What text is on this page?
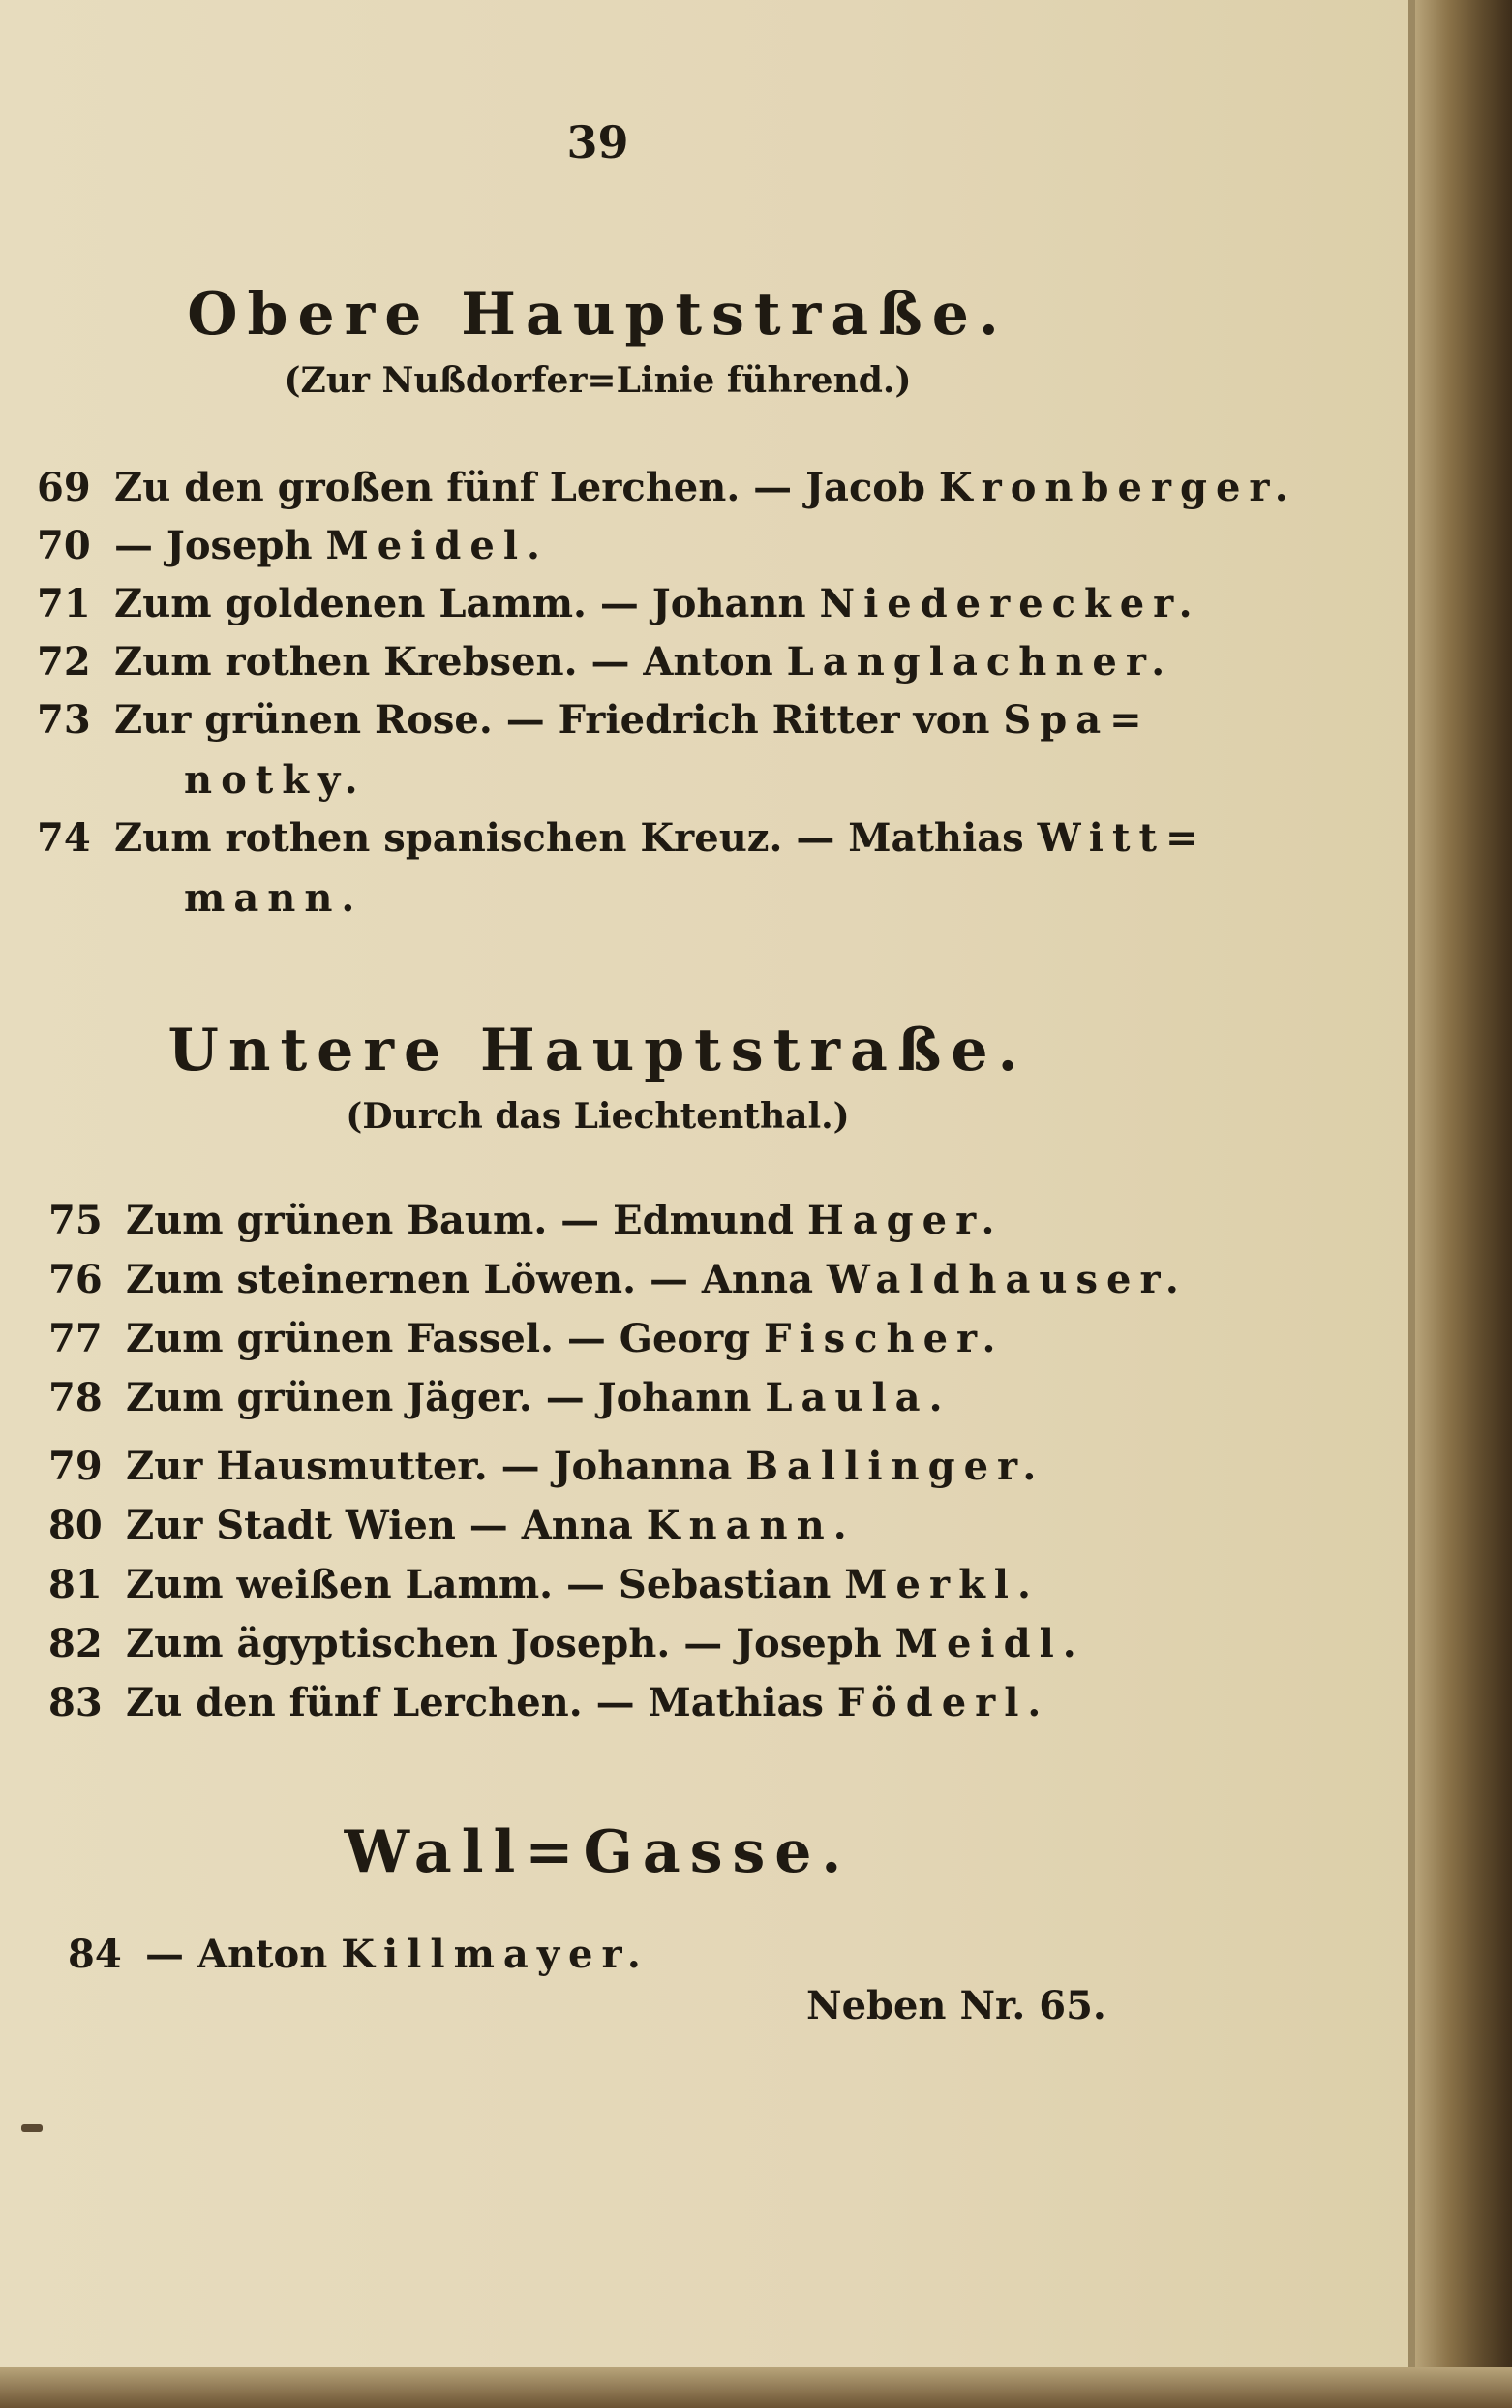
39
Obere Hauptstraße.
(Zur Nußdorfer=Linie führend.)
69 Zu den großen fünf Lerchen. — Jacob Kronberger.
70 — Joseph Meidel.
71 Zum goldenen Lamm. — Johann Niederecker.
72 Zum rothen Krebsen. — Anton Langlachner.
73 Zur grünen Rose. — Friedrich Ritter von Spa=
notky.
74 Zum rothen spanischen Kreuz. — Mathias Witt=
mann.
Untere Hauptstraße.
(Durch das Liechtenthal.)
75 Zum grünen Baum. — Edmund Hager.
76 Zum steinernen Löwen. — Anna Waldhauser.
77 Zum grünen Fassel. — Georg Fischer.
78 Zum grünen Jäger. — Johann Laula.
79 Zur Hausmutter. — Johanna Ballinger.
80 Zur Stadt Wien — Anna Knann.
81 Zum weißen Lamm. — Sebastian Merkl.
82 Zum ägyptischen Joseph. — Joseph Meidl.
83 Zu den fünf Lerchen. — Mathias Föderl.
Wall=Gasse.
84 — Anton Killmayer.
Neben Nr. 65.
